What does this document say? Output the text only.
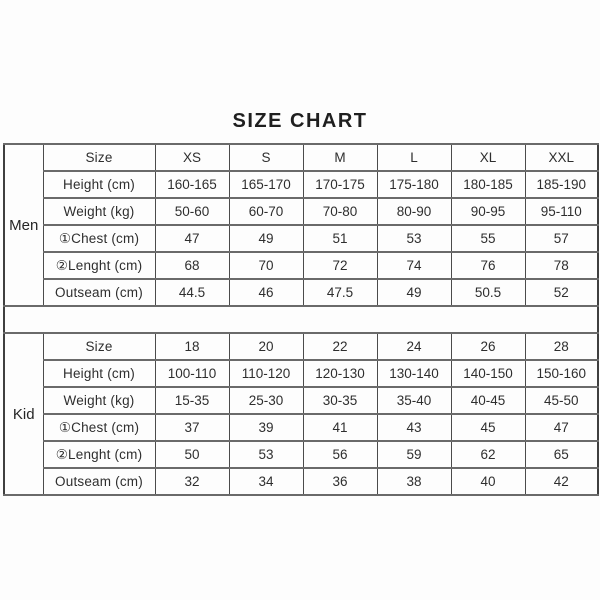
SIZE CHART
Men	Size	XS	S	M	L	XL	XXL
	Height (cm)	160-165	165-170	170-175	175-180	180-185	185-190
	Weight (kg)	50-60	60-70	70-80	80-90	90-95	95-110
	①Chest (cm)	47	49	51	53	55	57
	②Lenght (cm)	68	70	72	74	76	78
	Outseam (cm)	44.5	46	47.5	49	50.5	52

Kid	Size	18	20	22	24	26	28
	Height (cm)	100-110	110-120	120-130	130-140	140-150	150-160
	Weight (kg)	15-35	25-30	30-35	35-40	40-45	45-50
	①Chest (cm)	37	39	41	43	45	47
	②Lenght (cm)	50	53	56	59	62	65
	Outseam (cm)	32	34	36	38	40	42
